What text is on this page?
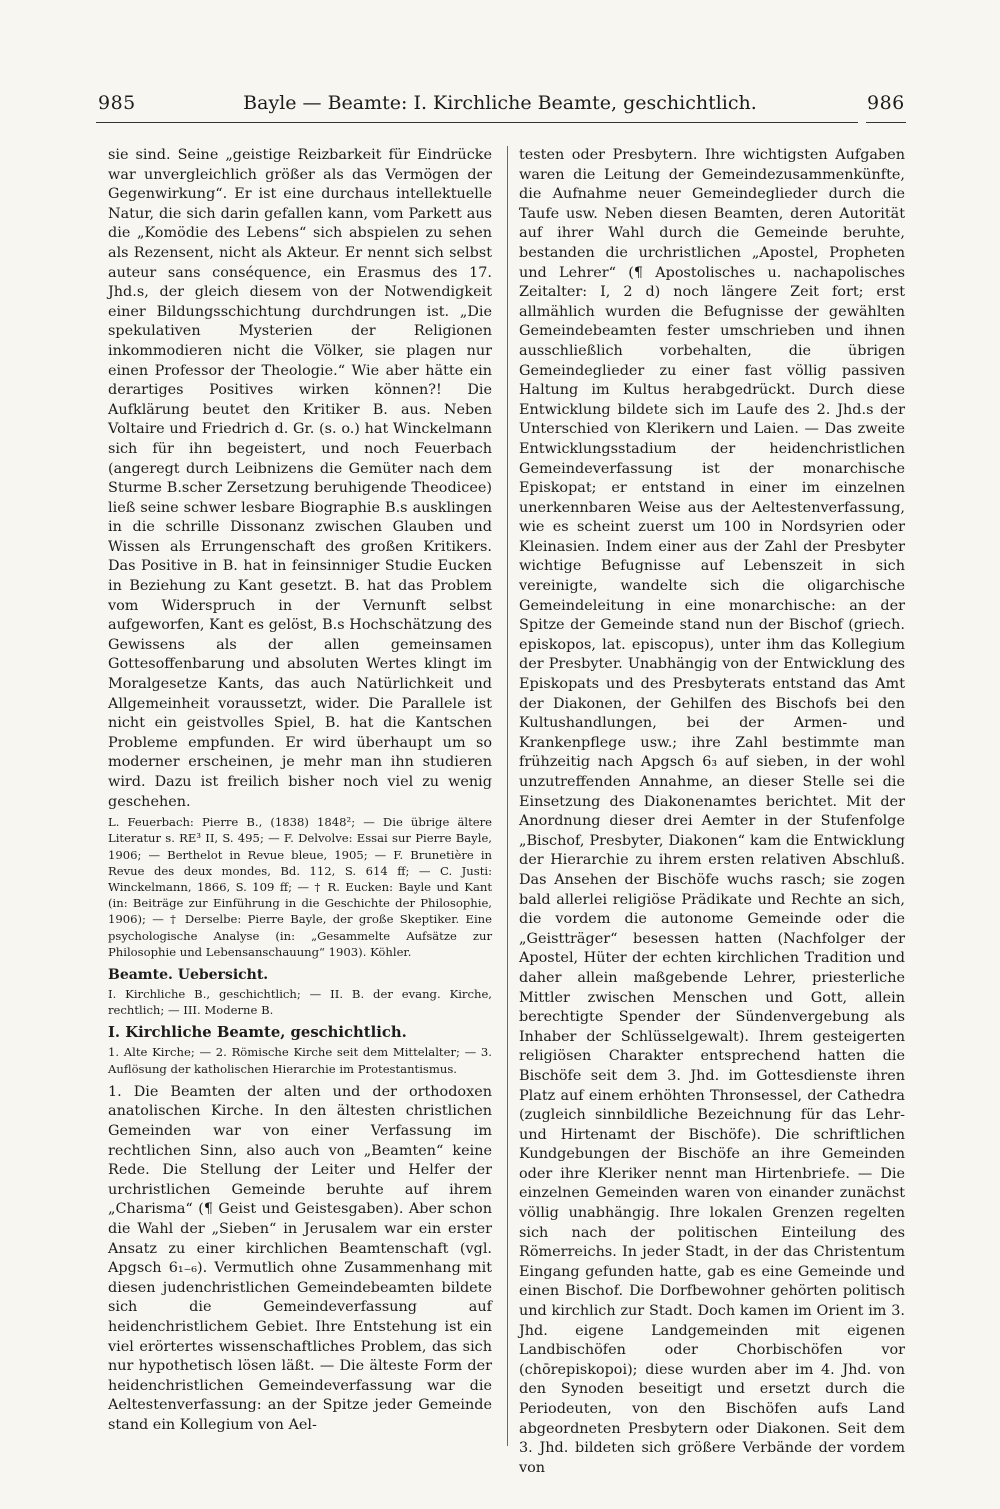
985	Bayle — Beamte: I. Kirchliche Beamte, geschichtlich.	986

sie sind. Seine „geistige Reizbarkeit für Eindrücke war unvergleichlich größer als das Vermögen der Gegenwirkung“. Er ist eine durchaus intellektuelle Natur, die sich darin gefallen kann, vom Parkett aus die „Komödie des Lebens“ sich abspielen zu sehen als Rezensent, nicht als Akteur. Er nennt sich selbst auteur sans conséquence, ein Erasmus des 17. Jhd.s, der gleich diesem von der Notwendigkeit einer Bildungsschichtung durchdrungen ist. „Die spekulativen Mysterien der Religionen inkommodieren nicht die Völker, sie plagen nur einen Professor der Theologie.“ Wie aber hätte ein derartiges Positives wirken können?! Die Aufklärung beutet den Kritiker B. aus. Neben Voltaire und Friedrich d. Gr. (s. o.) hat Winckelmann sich für ihn begeistert, und noch Feuerbach (angeregt durch Leibnizens die Gemüter nach dem Sturme B.scher Zersetzung beruhigende Theodicee) ließ seine schwer lesbare Biographie B.s ausklingen in die schrille Dissonanz zwischen Glauben und Wissen als Errungenschaft des großen Kritikers. Das Positive in B. hat in feinsinniger Studie Eucken in Beziehung zu Kant gesetzt. B. hat das Problem vom Widerspruch in der Vernunft selbst aufgeworfen, Kant es gelöst, B.s Hochschätzung des Gewissens als der allen gemeinsamen Gottesoffenbarung und absoluten Wertes klingt im Moralgesetze Kants, das auch Natürlichkeit und Allgemeinheit voraussetzt, wider. Die Parallele ist nicht ein geistvolles Spiel, B. hat die Kantschen Probleme empfunden. Er wird überhaupt um so moderner erscheinen, je mehr man ihn studieren wird. Dazu ist freilich bisher noch viel zu wenig geschehen.

L. Feuerbach: Pierre B., (1838) 1848²; — Die übrige ältere Literatur s. RE³ II, S. 495; — F. Delvolve: Essai sur Pierre Bayle, 1906; — Berthelot in Revue bleue, 1905; — F. Brunetière in Revue des deux mondes, Bd. 112, S. 614 ff; — C. Justi: Winckelmann, 1866, S. 109 ff; — † R. Eucken: Bayle und Kant (in: Beiträge zur Einführung in die Geschichte der Philosophie, 1906); — † Derselbe: Pierre Bayle, der große Skeptiker. Eine psychologische Analyse (in: „Gesammelte Aufsätze zur Philosophie und Lebensanschauung“ 1903). Köhler.

Beamte. Uebersicht.

I. Kirchliche B., geschichtlich; — II. B. der evang. Kirche, rechtlich; — III. Moderne B.

I. Kirchliche Beamte, geschichtlich.

1. Alte Kirche; — 2. Römische Kirche seit dem Mittelalter; — 3. Auflösung der katholischen Hierarchie im Protestantismus.

1. Die Beamten der alten und der orthodoxen anatolischen Kirche. In den ältesten christlichen Gemeinden war von einer Verfassung im rechtlichen Sinn, also auch von „Beamten“ keine Rede. Die Stellung der Leiter und Helfer der urchristlichen Gemeinde beruhte auf ihrem „Charisma“ (¶ Geist und Geistesgaben). Aber schon die Wahl der „Sieben“ in Jerusalem war ein erster Ansatz zu einer kirchlichen Beamtenschaft (vgl. Apgsch 6₁₋₆). Vermutlich ohne Zusammenhang mit diesen judenchristlichen Gemeindebeamten bildete sich die Gemeindeverfassung auf heidenchristlichem Gebiet. Ihre Entstehung ist ein viel erörtertes wissenschaftliches Problem, das sich nur hypothetisch lösen läßt. — Die älteste Form der heidenchristlichen Gemeindeverfassung war die Aeltestenverfassung: an der Spitze jeder Gemeinde stand ein Kollegium von Ael-

testen oder Presbytern. Ihre wichtigsten Aufgaben waren die Leitung der Gemeindezusammenkünfte, die Aufnahme neuer Gemeindeglieder durch die Taufe usw. Neben diesen Beamten, deren Autorität auf ihrer Wahl durch die Gemeinde beruhte, bestanden die urchristlichen „Apostel, Propheten und Lehrer“ (¶ Apostolisches u. nachapolisches Zeitalter: I, 2 d) noch längere Zeit fort; erst allmählich wurden die Befugnisse der gewählten Gemeindebeamten fester umschrieben und ihnen ausschließlich vorbehalten, die übrigen Gemeindeglieder zu einer fast völlig passiven Haltung im Kultus herabgedrückt. Durch diese Entwicklung bildete sich im Laufe des 2. Jhd.s der Unterschied von Klerikern und Laien. — Das zweite Entwicklungsstadium der heidenchristlichen Gemeindeverfassung ist der monarchische Episkopat; er entstand in einer im einzelnen unerkennbaren Weise aus der Aeltestenverfassung, wie es scheint zuerst um 100 in Nordsyrien oder Kleinasien. Indem einer aus der Zahl der Presbyter wichtige Befugnisse auf Lebenszeit in sich vereinigte, wandelte sich die oligarchische Gemeindeleitung in eine monarchische: an der Spitze der Gemeinde stand nun der Bischof (griech. episkopos, lat. episcopus), unter ihm das Kollegium der Presbyter. Unabhängig von der Entwicklung des Episkopats und des Presbyterats entstand das Amt der Diakonen, der Gehilfen des Bischofs bei den Kultushandlungen, bei der Armen- und Krankenpflege usw.; ihre Zahl bestimmte man frühzeitig nach Apgsch 6₃ auf sieben, in der wohl unzutreffenden Annahme, an dieser Stelle sei die Einsetzung des Diakonenamtes berichtet. Mit der Anordnung dieser drei Aemter in der Stufenfolge „Bischof, Presbyter, Diakonen“ kam die Entwicklung der Hierarchie zu ihrem ersten relativen Abschluß. Das Ansehen der Bischöfe wuchs rasch; sie zogen bald allerlei religiöse Prädikate und Rechte an sich, die vordem die autonome Gemeinde oder die „Geistträger“ besessen hatten (Nachfolger der Apostel, Hüter der echten kirchlichen Tradition und daher allein maßgebende Lehrer, priesterliche Mittler zwischen Menschen und Gott, allein berechtigte Spender der Sündenvergebung als Inhaber der Schlüsselgewalt). Ihrem gesteigerten religiösen Charakter entsprechend hatten die Bischöfe seit dem 3. Jhd. im Gottesdienste ihren Platz auf einem erhöhten Thronsessel, der Cathedra (zugleich sinnbildliche Bezeichnung für das Lehr- und Hirtenamt der Bischöfe). Die schriftlichen Kundgebungen der Bischöfe an ihre Gemeinden oder ihre Kleriker nennt man Hirtenbriefe. — Die einzelnen Gemeinden waren von einander zunächst völlig unabhängig. Ihre lokalen Grenzen regelten sich nach der politischen Einteilung des Römerreichs. In jeder Stadt, in der das Christentum Eingang gefunden hatte, gab es eine Gemeinde und einen Bischof. Die Dorfbewohner gehörten politisch und kirchlich zur Stadt. Doch kamen im Orient im 3. Jhd. eigene Landgemeinden mit eigenen Landbischöfen oder Chorbischöfen vor (chōrepiskopoi); diese wurden aber im 4. Jhd. von den Synoden beseitigt und ersetzt durch die Periodeuten, von den Bischöfen aufs Land abgeordneten Presbytern oder Diakonen. Seit dem 3. Jhd. bildeten sich größere Verbände der vordem von
